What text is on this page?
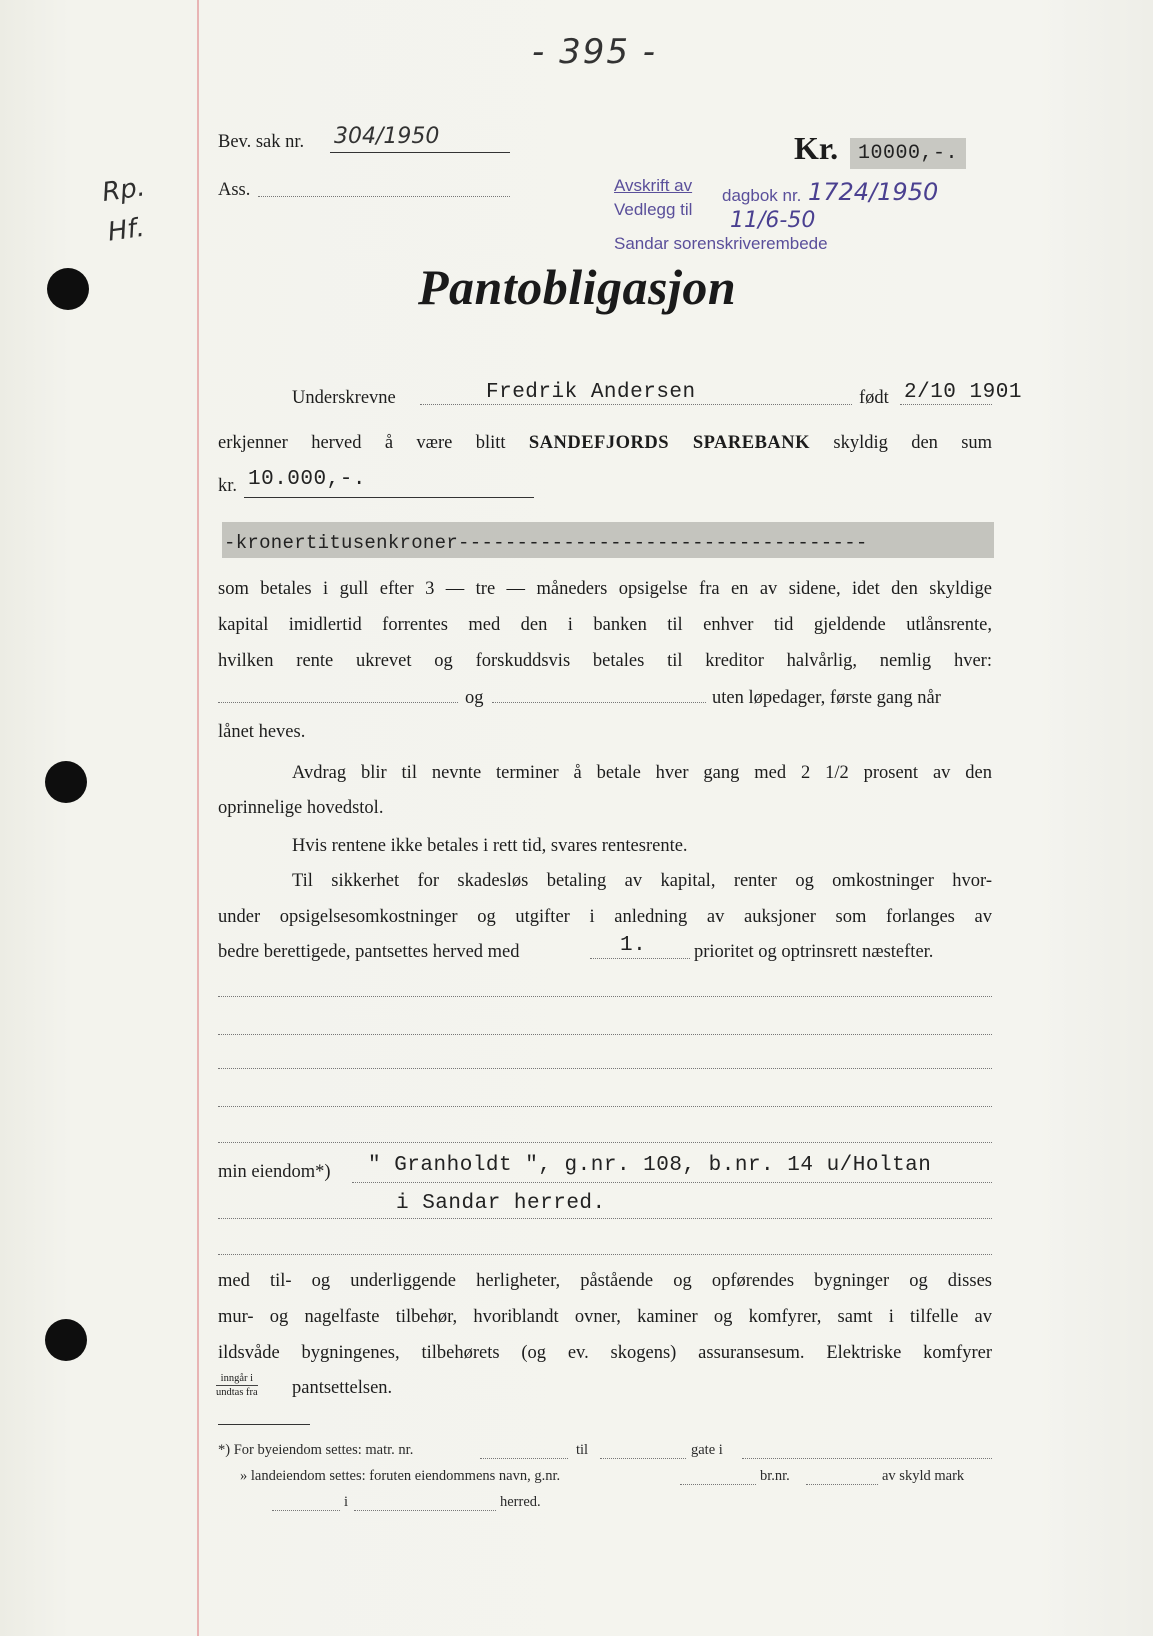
- 395 -
Rp.
Hf.
Bev. sak nr. 304/1950
Ass.
Kr. 10000,-.
Avskrift av
Vedlegg til
dagbok nr. 1724/1950
11/6-50
Sandar sorenskriverembede
Pantobligasjon
Underskrevne	Fredrik Andersen	født 2/10 1901
erkjenner herved å være blitt SANDEFJORDS SPAREBANK skyldig den sum
kr. 10.000,-.
-kronertitusenkroner-----------------------------------
som betales i gull efter 3 — tre — måneders opsigelse fra en av sidene, idet den skyldige
kapital imidlertid forrentes med den i banken til enhver tid gjeldende utlånsrente,
hvilken rente ukrevet og forskuddsvis betales til kreditor halvårlig, nemlig hver:
og	uten løpedager, første gang når
lånet heves.
Avdrag blir til nevnte terminer å betale hver gang med 2 1/2 prosent av den
oprinnelige hovedstol.
Hvis rentene ikke betales i rett tid, svares rentesrente.
Til sikkerhet for skadesløs betaling av kapital, renter og omkostninger hvor-
under opsigelsesomkostninger og utgifter i anledning av auksjoner som forlanges av
bedre berettigede, pantsettes herved med	1.	prioritet og optrinsrett næstefter.
min eiendom*) " Granholdt ", g.nr. 108, b.nr. 14 u/Holtan
i Sandar herred.
med til- og underliggende herligheter, påstående og opførendes bygninger og disses
mur- og nagelfaste tilbehør, hvoriblandt ovner, kaminer og komfyrer, samt i tilfelle av
ildsvåde bygningenes, tilbehørets (og ev. skogens) assuransesum. Elektriske komfyrer
inngår i
undtas fra pantsettelsen.
*) For byeiendom settes: matr. nr.	til	gate i
» landeiendom settes: foruten eiendommens navn, g.nr.	br.nr.	av skyld mark
i	herred.
